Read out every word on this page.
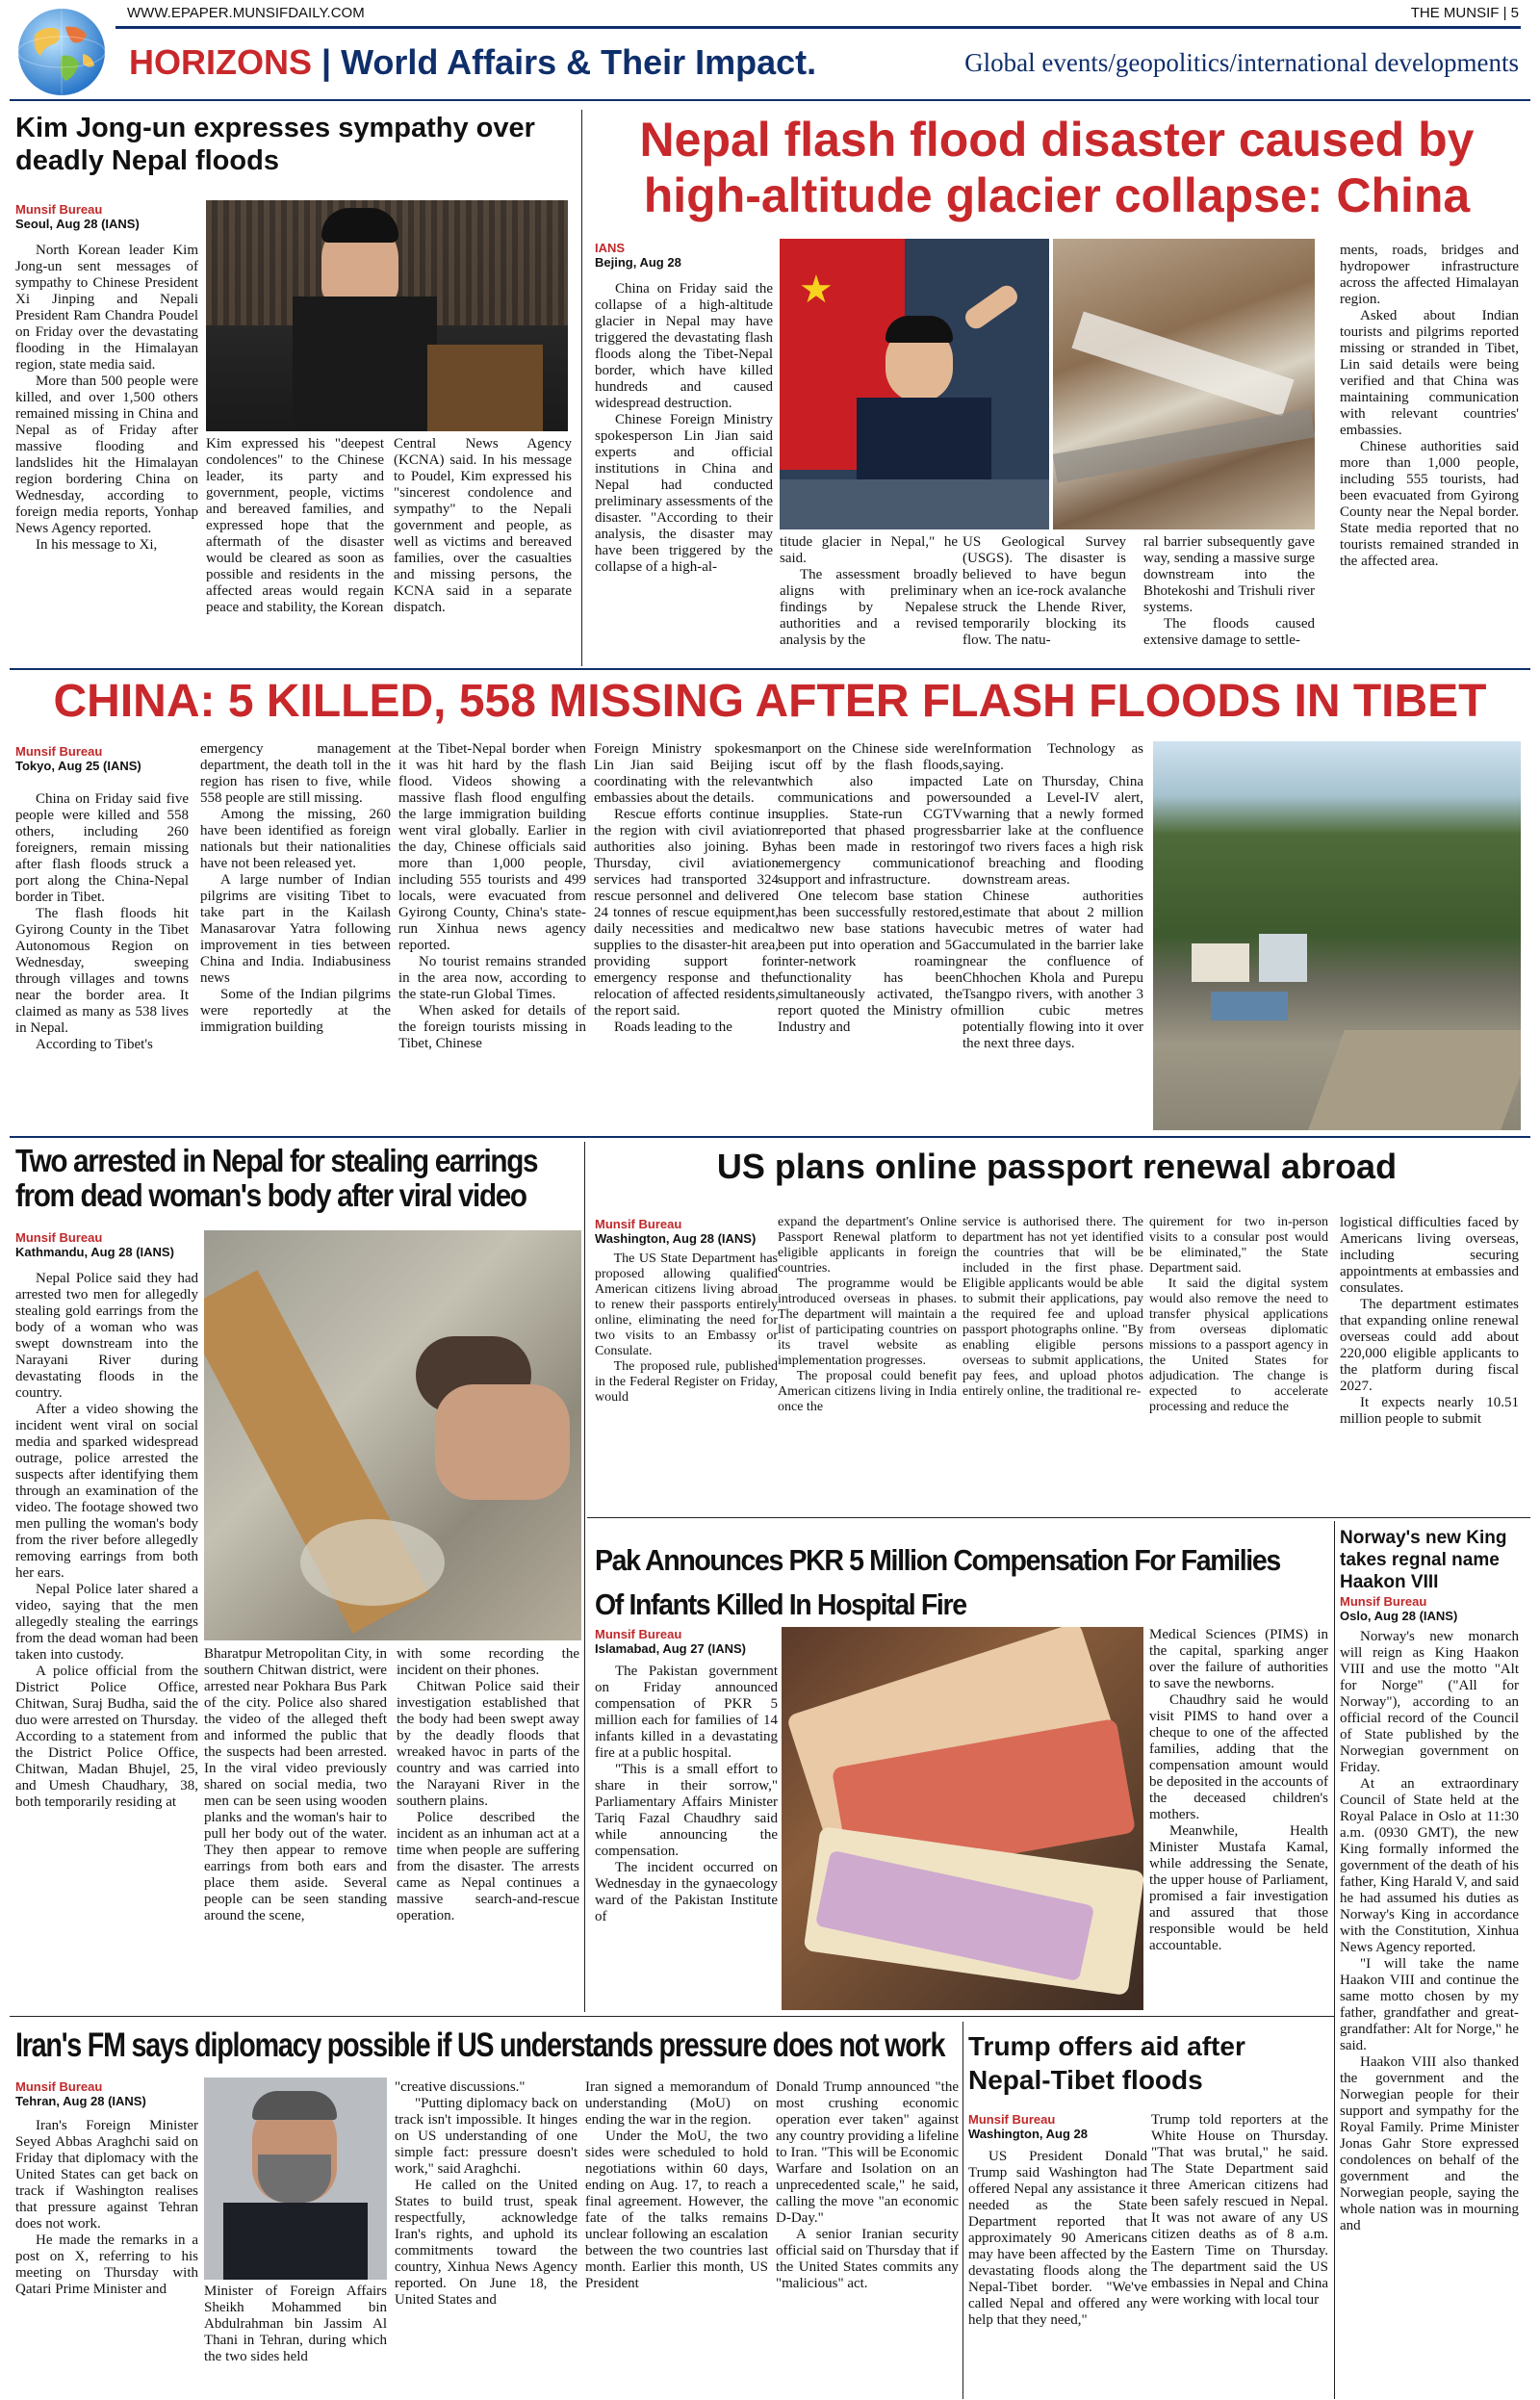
WWW.EPAPER.MUNSIFDAILY.COM	THE MUNSIF | 5
HORIZONS | World Affairs & Their Impact.	Global events/geopolitics/international developments
Kim Jong-un expresses sympathy over deadly Nepal floods
Munsif Bureau
Seoul, Aug 28 (IANS)

North Korean leader Kim Jong-un sent messages of sympathy to Chinese President Xi Jinping and Nepali President Ram Chandra Poudel on Friday over the devastating flooding in the Himalayan region, state media said.

More than 500 people were killed, and over 1,500 others remained missing in China and Nepal as of Friday after massive flooding and landslides hit the Himalayan region bordering China on Wednesday, according to foreign media reports, Yonhap News Agency reported.

In his message to Xi,

Kim expressed his "deepest condolences" to the Chinese leader, its party and government, people, victims and bereaved families, and expressed hope that the aftermath of the disaster would be cleared as soon as possible and residents in the affected areas would regain peace and stability, the Korean

Central News Agency (KCNA) said. In his message to Poudel, Kim expressed his "sincerest condolence and sympathy" to the Nepali government and people, as well as victims and bereaved families, over the casualties and missing persons, the KCNA said in a separate dispatch.

Nepal flash flood disaster caused by high-altitude glacier collapse: China
IANS
Bejing, Aug 28
★

China on Friday said the collapse of a high-altitude glacier in Nepal may have triggered the devastating flash floods along the Tibet-Nepal border, which have killed hundreds and caused widespread destruction.

Chinese Foreign Ministry spokesperson Lin Jian said experts and official institutions in China and Nepal had conducted preliminary assessments of the disaster. "According to their analysis, the disaster may have been triggered by the collapse of a high-al-

titude glacier in Nepal," he said.

The assessment broadly aligns with preliminary findings by Nepalese authorities and a revised analysis by the

US Geological Survey (USGS). The disaster is believed to have begun when an ice-rock avalanche struck the Lhende River, temporarily blocking its flow. The natu-

ral barrier subsequently gave way, sending a massive surge downstream into the Bhotekoshi and Trishuli river systems.

The floods caused extensive damage to settle-

ments, roads, bridges and hydropower infrastructure across the affected Himalayan region.

Asked about Indian tourists and pilgrims reported missing or stranded in Tibet, Lin said details were being verified and that China was maintaining communication with relevant countries' embassies.

Chinese authorities said more than 1,000 people, including 555 tourists, had been evacuated from Gyirong County near the Nepal border. State media reported that no tourists remained stranded in the affected area.

CHINA: 5 KILLED, 558 MISSING AFTER FLASH FLOODS IN TIBET
Munsif Bureau
Tokyo, Aug 25 (IANS)

China on Friday said five people were killed and 558 others, including 260 foreigners, remain missing after flash floods struck a port along the China-Nepal border in Tibet.

The flash floods hit Gyirong County in the Tibet Autonomous Region on Wednesday, sweeping through villages and towns near the border area. It claimed as many as 538 lives in Nepal.

According to Tibet's

emergency management department, the death toll in the region has risen to five, while 558 people are still missing.

Among the missing, 260 have been identified as foreign nationals but their nationalities have not been released yet.

A large number of Indian pilgrims are visiting Tibet to take part in the Kailash Manasarovar Yatra following improvement in ties between China and India. Indiabusiness news

Some of the Indian pilgrims were reportedly at the immigration building

at the Tibet-Nepal border when it was hit hard by the flash flood. Videos showing a massive flash flood engulfing the large immigration building went viral globally. Earlier in the day, Chinese officials said more than 1,000 people, including 555 tourists and 499 locals, were evacuated from Gyirong County, China's state-run Xinhua news agency reported.

No tourist remains stranded in the area now, according to the state-run Global Times.

When asked for details of the foreign tourists missing in Tibet, Chinese

Foreign Ministry spokesman Lin Jian said Beijing is coordinating with the relevant embassies about the details.

Rescue efforts continue in the region with civil aviation authorities also joining. By Thursday, civil aviation services had transported 324 rescue personnel and delivered 24 tonnes of rescue equipment, daily necessities and medical supplies to the disaster-hit area, providing support for emergency response and the relocation of affected residents, the report said.

Roads leading to the

port on the Chinese side were cut off by the flash floods, which also impacted communications and power supplies. State-run CGTV reported that phased progress has been made in restoring emergency communication support and infrastructure.

One telecom base station has been successfully restored, two new base stations have been put into operation and 5G inter-network roaming functionality has been simultaneously activated, the report quoted the Ministry of Industry and

Information Technology as saying.

Late on Thursday, China sounded a Level-IV alert, warning that a newly formed barrier lake at the confluence of two rivers faces a high risk of breaching and flooding downstream areas.

Chinese authorities estimate that about 2 million cubic metres of water had accumulated in the barrier lake near the confluence of Chhochen Khola and Purepu Tsangpo rivers, with another 3 million cubic metres potentially flowing into it over the next three days.

Two arrested in Nepal for stealing earrings from dead woman's body after viral video
Munsif Bureau
Kathmandu, Aug 28 (IANS)

Nepal Police said they had arrested two men for allegedly stealing gold earrings from the body of a woman who was swept downstream into the Narayani River during devastating floods in the country.

After a video showing the incident went viral on social media and sparked widespread outrage, police arrested the suspects after identifying them through an examination of the video. The footage showed two men pulling the woman's body from the river before allegedly removing earrings from both her ears.

Nepal Police later shared a video, saying that the men allegedly stealing the earrings from the dead woman had been taken into custody.

A police official from the District Police Office, Chitwan, Suraj Budha, said the duo were arrested on Thursday. According to a statement from the District Police Office, Chitwan, Madan Bhujel, 25, and Umesh Chaudhary, 38, both temporarily residing at

Bharatpur Metropolitan City, in southern Chitwan district, were arrested near Pokhara Bus Park of the city. Police also shared the video of the alleged theft and informed the public that the suspects had been arrested. In the viral video previously shared on social media, two men can be seen using wooden planks and the woman's hair to pull her body out of the water. They then appear to remove earrings from both ears and place them aside. Several people can be seen standing around the scene,

with some recording the incident on their phones.

Chitwan Police said their investigation established that the body had been swept away by the deadly floods that wreaked havoc in parts of the country and was carried into the Narayani River in the southern plains.

Police described the incident as an inhuman act at a time when people are suffering from the disaster. The arrests came as Nepal continues a massive search-and-rescue operation.

US plans online passport renewal abroad
Munsif Bureau
Washington, Aug 28 (IANS)

The US State Department has proposed allowing qualified American citizens living abroad to renew their passports entirely online, eliminating the need for two visits to an Embassy or Consulate.

The proposed rule, published in the Federal Register on Friday, would

expand the department's Online Passport Renewal platform to eligible applicants in foreign countries.

The programme would be introduced overseas in phases. The department will maintain a list of participating countries on its travel website as implementation progresses.

The proposal could benefit American citizens living in India once the

service is authorised there. The department has not yet identified the countries that will be included in the first phase. Eligible applicants would be able to submit their applications, pay the required fee and upload passport photographs online. "By enabling eligible persons overseas to submit applications, pay fees, and upload photos entirely online, the traditional re-

quirement for two in-person visits to a consular post would be eliminated," the State Department said.

It said the digital system would also remove the need to transfer physical applications from overseas diplomatic missions to a passport agency in the United States for adjudication. The change is expected to accelerate processing and reduce the

logistical difficulties faced by Americans living overseas, including securing appointments at embassies and consulates.

The department estimates that expanding online renewal overseas could add about 220,000 eligible applicants to the platform during fiscal 2027.

It expects nearly 10.51 million people to submit

Pak Announces PKR 5 Million Compensation For Families Of Infants Killed In Hospital Fire
Munsif Bureau
Islamabad, Aug 27 (IANS)

The Pakistan government on Friday announced compensation of PKR 5 million each for families of 14 infants killed in a devastating fire at a public hospital.

"This is a small effort to share in their sorrow," Parliamentary Affairs Minister Tariq Fazal Chaudhry said while announcing the compensation.

The incident occurred on Wednesday in the gynaecology ward of the Pakistan Institute of

Medical Sciences (PIMS) in the capital, sparking anger over the failure of authorities to save the newborns.

Chaudhry said he would visit PIMS to hand over a cheque to one of the affected families, adding that the compensation amount would be deposited in the accounts of the deceased children's mothers.

Meanwhile, Health Minister Mustafa Kamal, while addressing the Senate, the upper house of Parliament, promised a fair investigation and assured that those responsible would be held accountable.

Norway's new King takes regnal name Haakon VIII
Munsif Bureau
Oslo, Aug 28 (IANS)

Norway's new monarch will reign as King Haakon VIII and use the motto "Alt for Norge" ("All for Norway"), according to an official record of the Council of State published by the Norwegian government on Friday.

At an extraordinary Council of State held at the Royal Palace in Oslo at 11:30 a.m. (0930 GMT), the new King formally informed the government of the death of his father, King Harald V, and said he had assumed his duties as Norway's King in accordance with the Constitution, Xinhua News Agency reported.

"I will take the name Haakon VIII and continue the same motto chosen by my father, grandfather and great-grandfather: Alt for Norge," he said.

Haakon VIII also thanked the government and the Norwegian people for their support and sympathy for the Royal Family. Prime Minister Jonas Gahr Store expressed condolences on behalf of the government and the Norwegian people, saying the whole nation was in mourning and

Iran's FM says diplomacy possible if US understands pressure does not work
Munsif Bureau
Tehran, Aug 28 (IANS)

Iran's Foreign Minister Seyed Abbas Araghchi said on Friday that diplomacy with the United States can get back on track if Washington realises that pressure against Tehran does not work.

He made the remarks in a post on X, referring to his meeting on Thursday with Qatari Prime Minister and	Minister of Foreign Affairs Sheikh Mohammed bin Abdulrahman bin Jassim Al Thani in Tehran, during which the two sides held

"creative discussions."

"Putting diplomacy back on track isn't impossible. It hinges on US understanding of one simple fact: pressure doesn't work," said Araghchi.

He called on the United States to build trust, speak respectfully, acknowledge Iran's rights, and uphold its commitments toward the country, Xinhua News Agency reported. On June 18, the United States and

Iran signed a memorandum of understanding (MoU) on ending the war in the region.

Under the MoU, the two sides were scheduled to hold negotiations within 60 days, ending on Aug. 17, to reach a final agreement. However, the fate of the talks remains unclear following an escalation between the two countries last month. Earlier this month, US President

Donald Trump announced "the most crushing economic operation ever taken" against any country providing a lifeline to Iran. "This will be Economic Warfare and Isolation on an unprecedented scale," he said, calling the move "an economic D-Day."

A senior Iranian security official said on Thursday that if the United States commits any "malicious" act.

Trump offers aid after Nepal-Tibet floods
Munsif Bureau
Washington, Aug 28

US President Donald Trump said Washington had offered Nepal any assistance it needed as the State Department reported that approximately 90 Americans may have been affected by the devastating floods along the Nepal-Tibet border. "We've called Nepal and offered any help that they need,"

Trump told reporters at the White House on Thursday. "That was brutal," he said. The State Department said three American citizens had been safely rescued in Nepal. It was not aware of any US citizen deaths as of 8 a.m. Eastern Time on Thursday. The department said the US embassies in Nepal and China were working with local tour
